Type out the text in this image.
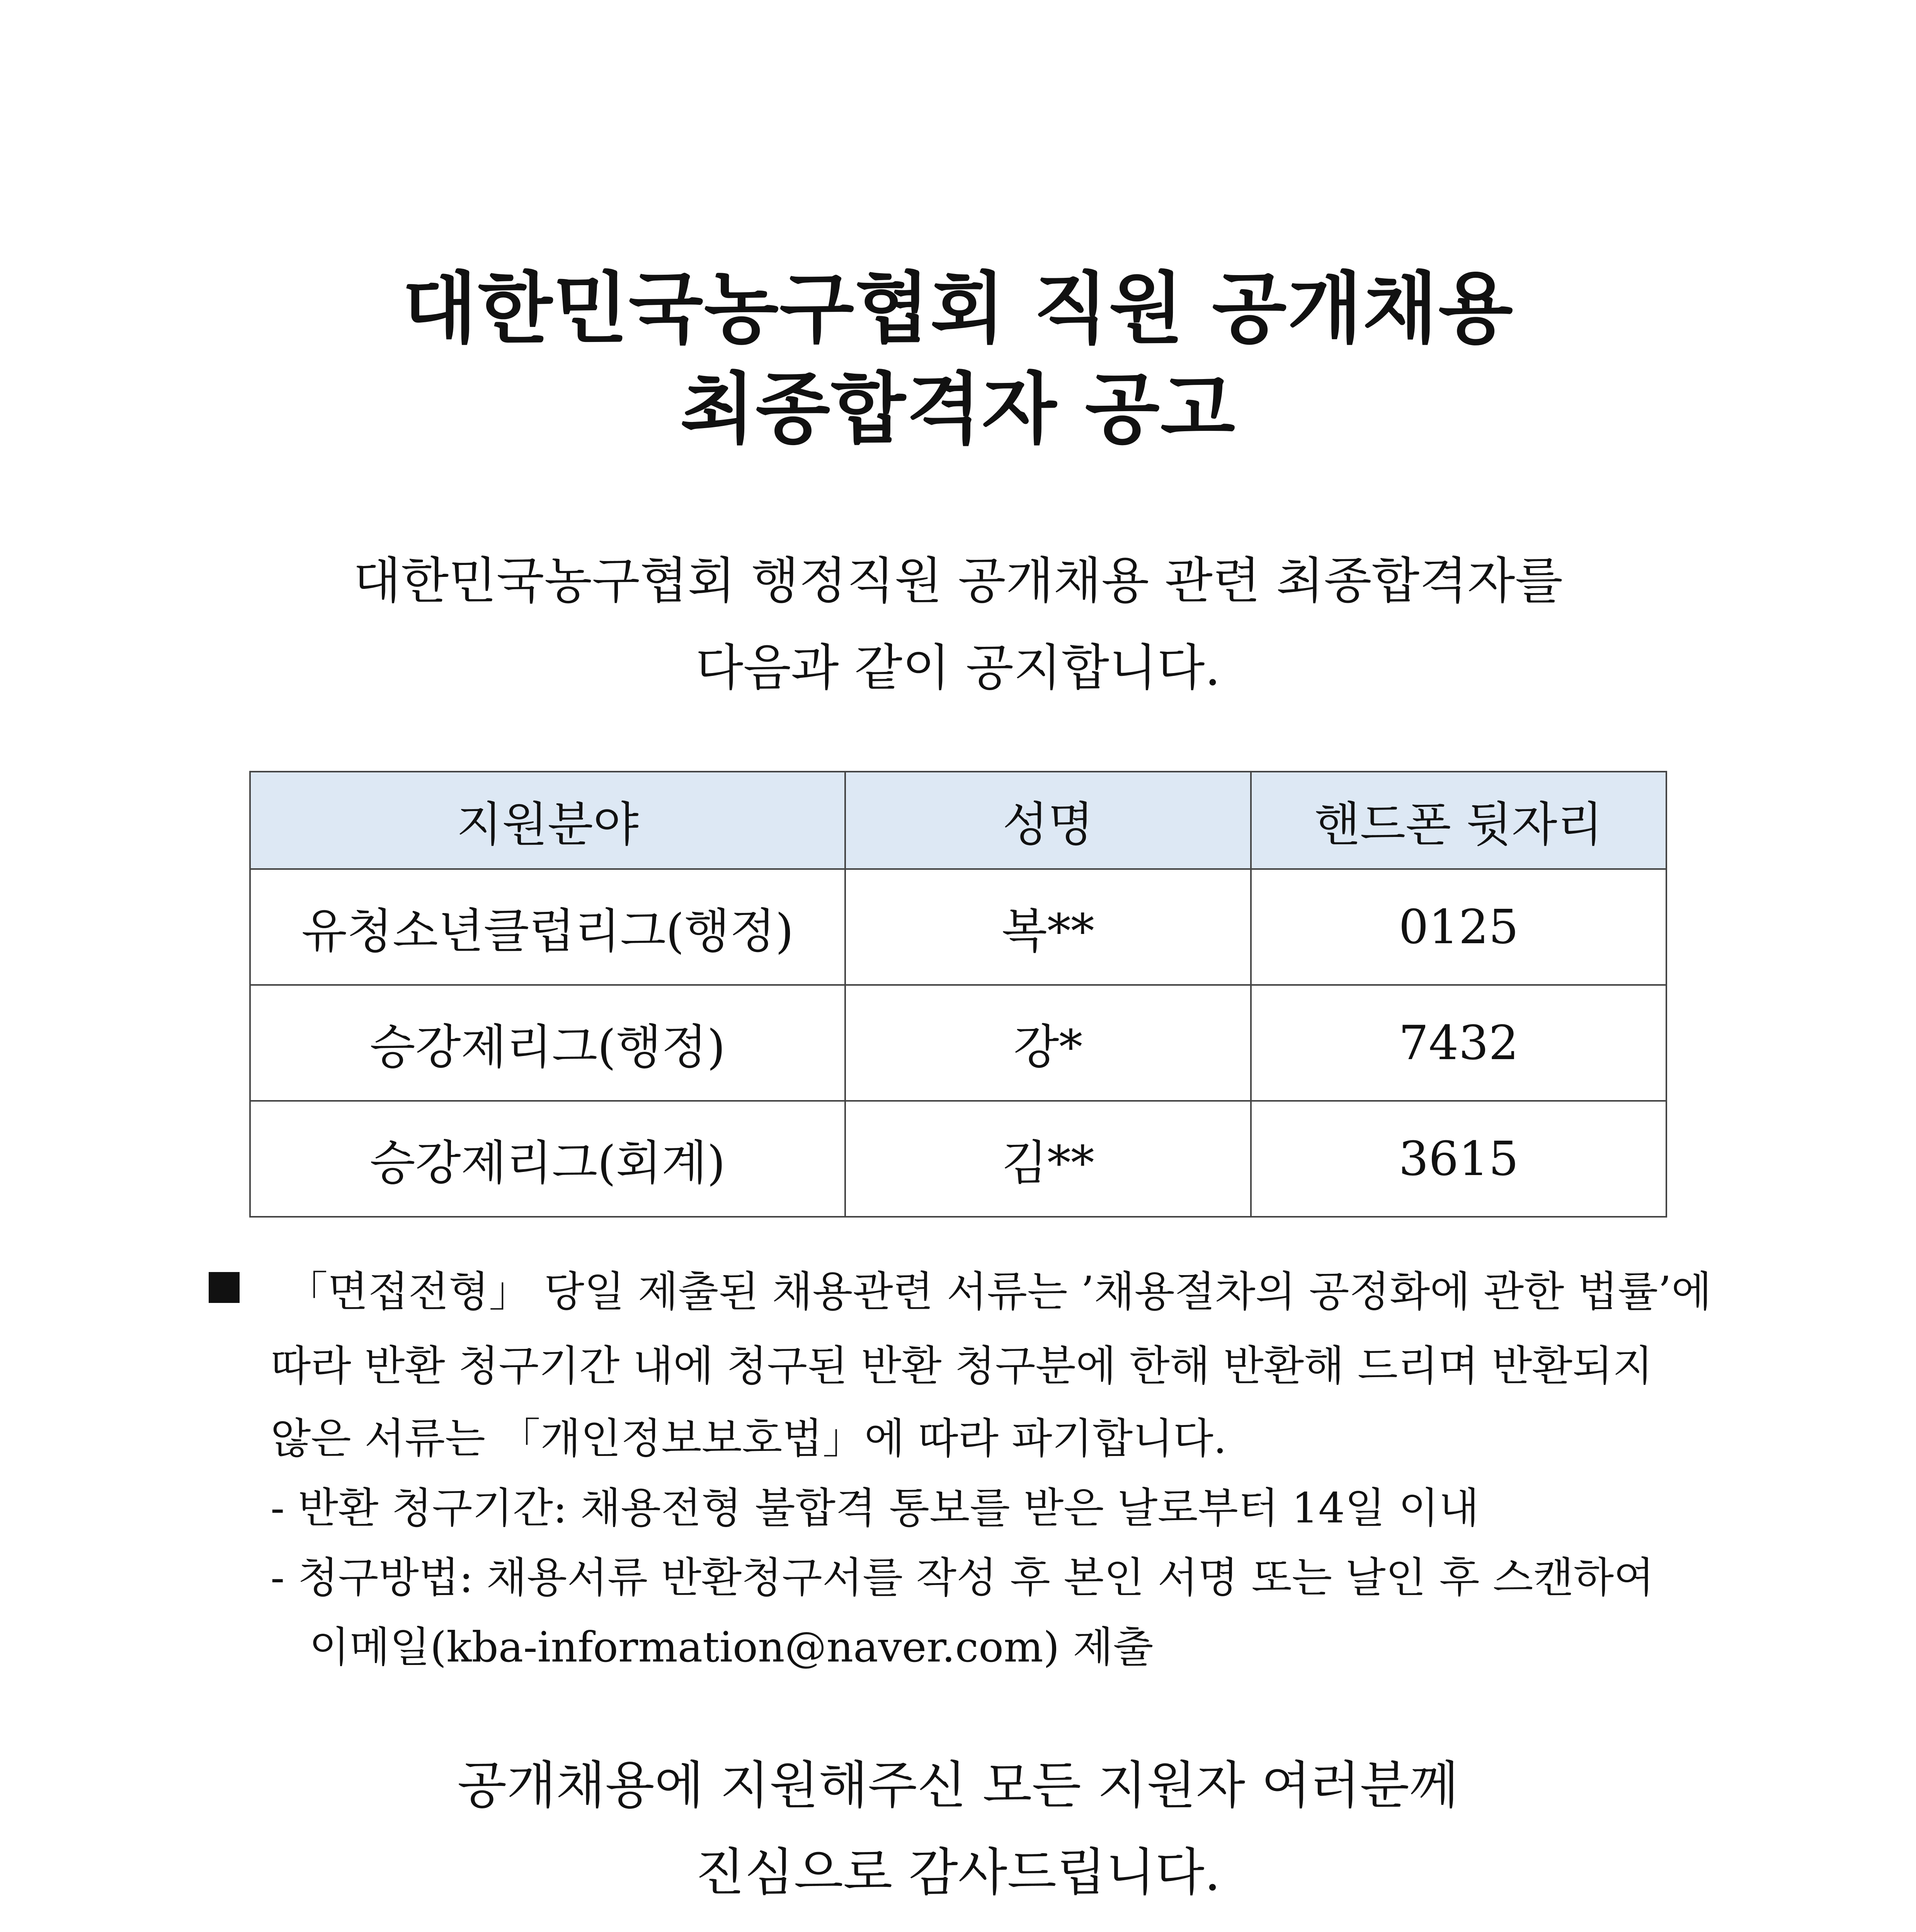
대한민국농구협회 직원 공개채용
최종합격자 공고

대한민국농구협회 행정직원 공개채용 관련 최종합격자를

다음과 같이 공지합니다.

지원분야	성명	핸드폰 뒷자리
유청소년클럽리그(행정)	복**	0125
승강제리그(행정)	강*	7432
승강제리그(회계)	김**	3615
「면접전형」 당일 제출된 채용관련 서류는 ’채용절차의 공정화에 관한 법률’에
따라 반환 청구기간 내에 청구된 반환 청구분에 한해 반환해 드리며 반환되지
않은 서류는 「개인정보보호법」에 따라 파기합니다.
- 반환 청구기간: 채용전형 불합격 통보를 받은 날로부터 14일 이내
- 청구방법: 채용서류 반환청구서를 작성 후 본인 서명 또는 날인 후 스캔하여
이메일(kba-information@naver.com) 제출

공개채용에 지원해주신 모든 지원자 여러분께

진심으로 감사드립니다.
